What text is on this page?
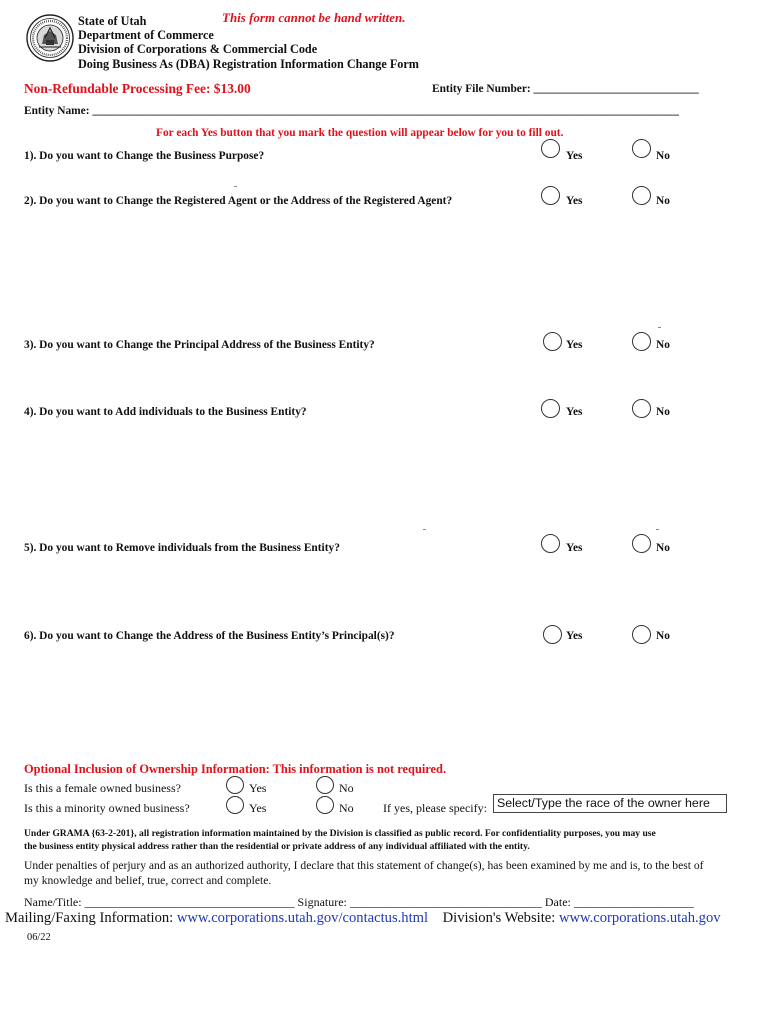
State of Utah
Department of Commerce
Division of Corporations & Commercial Code
Doing Business As (DBA) Registration Information Change Form
This form cannot be hand written.
Non-Refundable Processing Fee: $13.00	Entity File Number: _____________________________
Entity Name: _______________________________________________________________________________________________________
For each Yes button that you mark the question will appear below for you to fill out.
1). Do you want to Change the Business Purpose?	Yes	No
2). Do you want to Change the Registered Agent or the Address of the Registered Agent?	Yes	No
3). Do you want to Change the Principal Address of the Business Entity?	Yes	No
4). Do you want to Add individuals to the Business Entity?	Yes	No
5). Do you want to Remove individuals from the Business Entity?	Yes	No
6). Do you want to Change the Address of the Business Entity’s Principal(s)?	Yes	No
Optional Inclusion of Ownership Information: This information is not required.
Is this a female owned business?	Yes	No
Is this a minority owned business?	Yes	No If yes, please specify: Select/Type the race of the owner here
Under GRAMA {63-2-201}, all registration information maintained by the Division is classified as public record. For confidentiality purposes, you may use
the business entity physical address rather than the residential or private address of any individual affiliated with the entity.
Under penalties of perjury and as an authorized authority, I declare that this statement of change(s), has been examined by me and is, to the best of
my knowledge and belief, true, correct and complete.
Name/Title: ___________________________________ Signature: ________________________________ Date: ____________________
Mailing/Faxing Information: www.corporations.utah.gov/contactus.html Division's Website: www.corporations.utah.gov
06/22
